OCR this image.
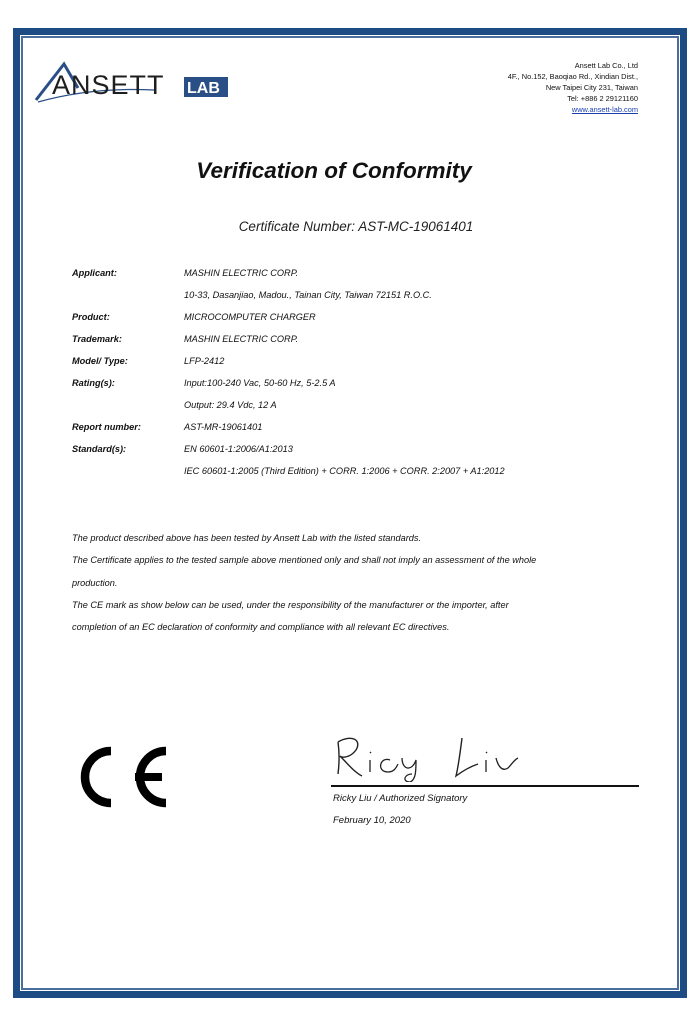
ANSETT LAB
Ansett Lab Co., Ltd
4F., No.152, Baoqiao Rd., Xindian Dist.,
New Taipei City 231, Taiwan
Tel: +886 2 29121160
www.ansett-lab.com
Verification of Conformity
Certificate Number: AST-MC-19061401
Applicant:	MASHIN ELECTRIC CORP.
10-33, Dasanjiao, Madou., Tainan City, Taiwan 72151 R.O.C.
Product:	MICROCOMPUTER CHARGER
Trademark:	MASHIN ELECTRIC CORP.
Model/ Type:	LFP-2412
Rating(s):	Input:100-240 Vac, 50-60 Hz, 5-2.5 A
Output: 29.4 Vdc, 12 A
Report number:	AST-MR-19061401
Standard(s):	EN 60601-1:2006/A1:2013
IEC 60601-1:2005 (Third Edition) + CORR. 1:2006 + CORR. 2:2007 + A1:2012

The product described above has been tested by Ansett Lab with the listed standards.

The Certificate applies to the tested sample above mentioned only and shall not imply an assessment of the whole

production.

The CE mark as show below can be used, under the responsibility of the manufacturer or the importer, after

completion of an EC declaration of conformity and compliance with all relevant EC directives.

Ricky Liu / Authorized Signatory
February 10, 2020
